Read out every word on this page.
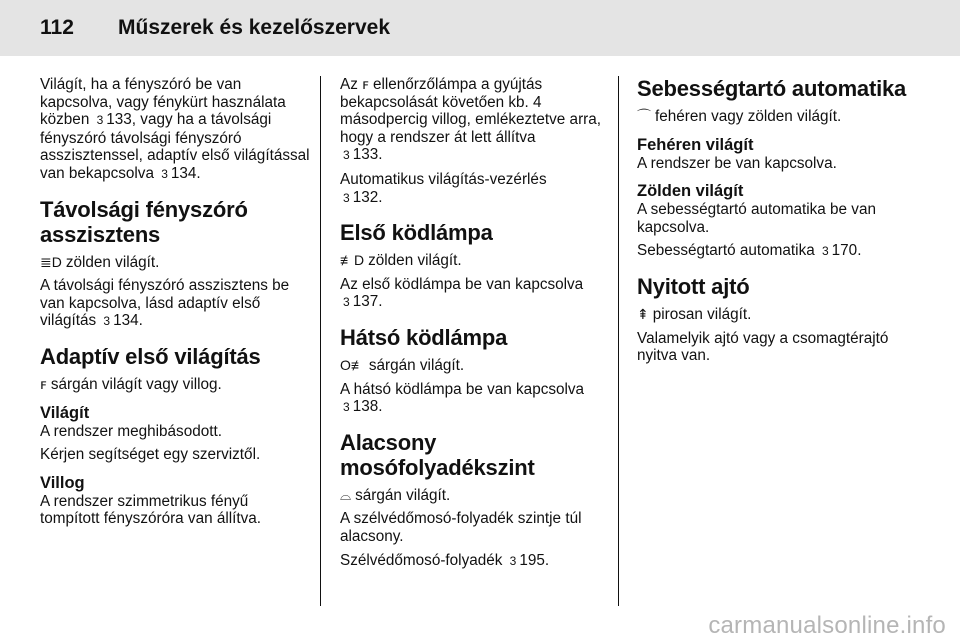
112 Műszerek és kezelőszervek

Világít, ha a fényszóró be van kapcsolva, vagy fénykürt használata közben 3 133, vagy ha a távolsági fényszóró távolsági fényszóró asszisztenssel, adaptív első világítással van bekapcsolva 3 134.

Távolsági fényszóró asszisztens

≣D zölden világít.

A távolsági fényszóró asszisztens be van kapcsolva, lásd adaptív első világítás 3 134.

Adaptív első világítás

ꜰ sárgán világít vagy villog.

Világít

A rendszer meghibásodott.

Kérjen segítséget egy szerviztől.

Villog

A rendszer szimmetrikus fényű tompított fényszóróra van állítva.

Az ꜰ ellenőrzőlámpa a gyújtás bekapcsolását követően kb. 4 másodpercig villog, emlékeztetve arra, hogy a rendszer át lett állítva
3 133.

Automatikus világítás-vezérlés
3 132.

Első ködlámpa

≢D zölden világít.

Az első ködlámpa be van kapcsolva
3 137.

Hátsó ködlámpa

O≢ sárgán világít.

A hátsó ködlámpa be van kapcsolva
3 138.

Alacsony mosófolyadékszint

⌓ sárgán világít.

A szélvédőmosó-folyadék szintje túl alacsony.

Szélvédőmosó-folyadék 3 195.

Sebességtartó automatika

⌒ fehéren vagy zölden világít.

Fehéren világít

A rendszer be van kapcsolva.

Zölden világít

A sebességtartó automatika be van kapcsolva.

Sebességtartó automatika 3 170.

Nyitott ajtó

⇞ pirosan világít.

Valamelyik ajtó vagy a csomagtérajtó nyitva van.

carmanualsonline.info
